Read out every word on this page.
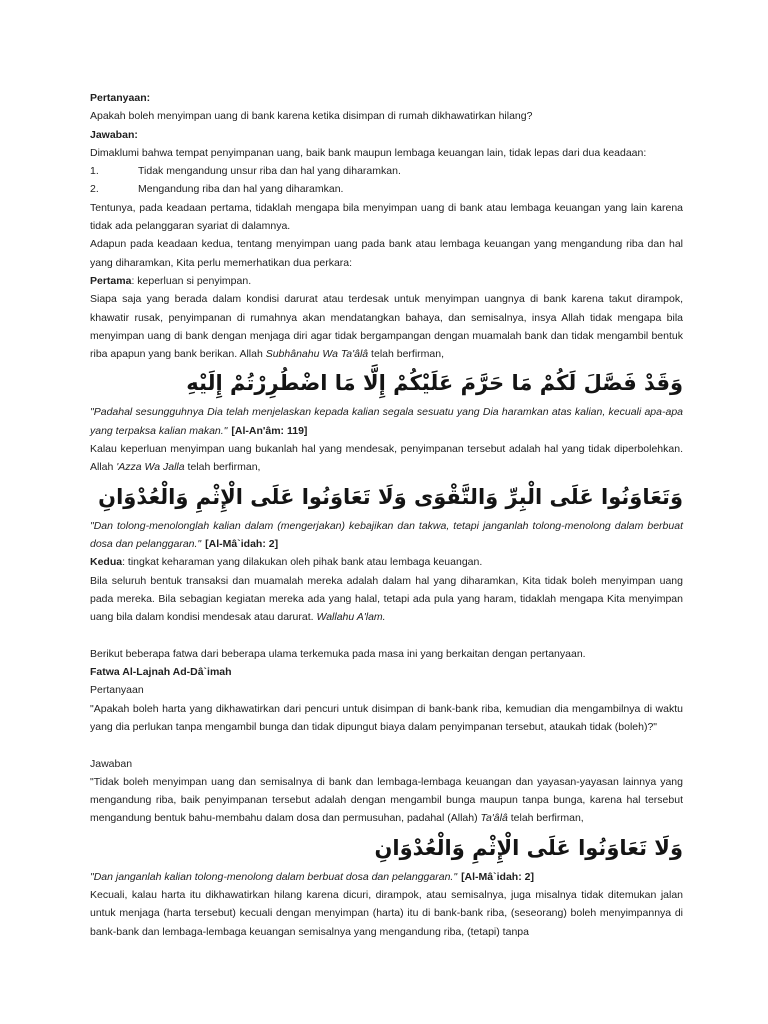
Pertanyaan:

Apakah boleh menyimpan uang di bank karena ketika disimpan di rumah dikhawatirkan hilang?

Jawaban:

Dimaklumi bahwa tempat penyimpanan uang, baik bank maupun lembaga keuangan lain, tidak lepas dari dua keadaan:

1.	Tidak mengandung unsur riba dan hal yang diharamkan.
2.	Mengandung riba dan hal yang diharamkan.

Tentunya, pada keadaan pertama, tidaklah mengapa bila menyimpan uang di bank atau lembaga keuangan yang lain karena tidak ada pelanggaran syariat di dalamnya.

Adapun pada keadaan kedua, tentang menyimpan uang pada bank atau lembaga keuangan yang mengandung riba dan hal yang diharamkan, Kita perlu memerhatikan dua perkara:

Pertama: keperluan si penyimpan.

Siapa saja yang berada dalam kondisi darurat atau terdesak untuk menyimpan uangnya di bank karena takut dirampok, khawatir rusak, penyimpanan di rumahnya akan mendatangkan bahaya, dan semisalnya, insya Allah tidak mengapa bila menyimpan uang di bank dengan menjaga diri agar tidak bergampangan dengan muamalah bank dan tidak mengambil bentuk riba apapun yang bank berikan. Allah Subhânahu Wa Ta'âlâ telah berfirman,

وَقَدْ فَصَّلَ لَكُمْ مَا حَرَّمَ عَلَيْكُمْ إِلَّا مَا اضْطُرِرْتُمْ إِلَيْهِ

"Padahal sesungguhnya Dia telah menjelaskan kepada kalian segala sesuatu yang Dia haramkan atas kalian, kecuali apa-apa yang terpaksa kalian makan." [Al-An'âm: 119]

Kalau keperluan menyimpan uang bukanlah hal yang mendesak, penyimpanan tersebut adalah hal yang tidak diperbolehkan. Allah 'Azza Wa Jalla telah berfirman,

وَتَعَاوَنُوا عَلَى الْبِرِّ وَالتَّقْوَى وَلَا تَعَاوَنُوا عَلَى الْإِثْمِ وَالْعُدْوَانِ

"Dan tolong-menolonglah kalian dalam (mengerjakan) kebajikan dan takwa, tetapi janganlah tolong-menolong dalam berbuat dosa dan pelanggaran." [Al-Mâ`idah: 2]

Kedua: tingkat keharaman yang dilakukan oleh pihak bank atau lembaga keuangan.

Bila seluruh bentuk transaksi dan muamalah mereka adalah dalam hal yang diharamkan, Kita tidak boleh menyimpan uang pada mereka. Bila sebagian kegiatan mereka ada yang halal, tetapi ada pula yang haram, tidaklah mengapa Kita menyimpan uang bila dalam kondisi mendesak atau darurat. Wallahu A'lam.

Berikut beberapa fatwa dari beberapa ulama terkemuka pada masa ini yang berkaitan dengan pertanyaan.

Fatwa Al-Lajnah Ad-Dâ`imah

Pertanyaan

"Apakah boleh harta yang dikhawatirkan dari pencuri untuk disimpan di bank-bank riba, kemudian dia mengambilnya di waktu yang dia perlukan tanpa mengambil bunga dan tidak dipungut biaya dalam penyimpanan tersebut, ataukah tidak (boleh)?"

Jawaban

"Tidak boleh menyimpan uang dan semisalnya di bank dan lembaga-lembaga keuangan dan yayasan-yayasan lainnya yang mengandung riba, baik penyimpanan tersebut adalah dengan mengambil bunga maupun tanpa bunga, karena hal tersebut mengandung bentuk bahu-membahu dalam dosa dan permusuhan, padahal (Allah) Ta'âlâ telah berfirman,

وَلَا تَعَاوَنُوا عَلَى الْإِثْمِ وَالْعُدْوَانِ

"Dan janganlah kalian tolong-menolong dalam berbuat dosa dan pelanggaran." [Al-Mâ`idah: 2]

Kecuali, kalau harta itu dikhawatirkan hilang karena dicuri, dirampok, atau semisalnya, juga misalnya tidak ditemukan jalan untuk menjaga (harta tersebut) kecuali dengan menyimpan (harta) itu di bank-bank riba, (seseorang) boleh menyimpannya di bank-bank dan lembaga-lembaga keuangan semisalnya yang mengandung riba, (tetapi) tanpa
